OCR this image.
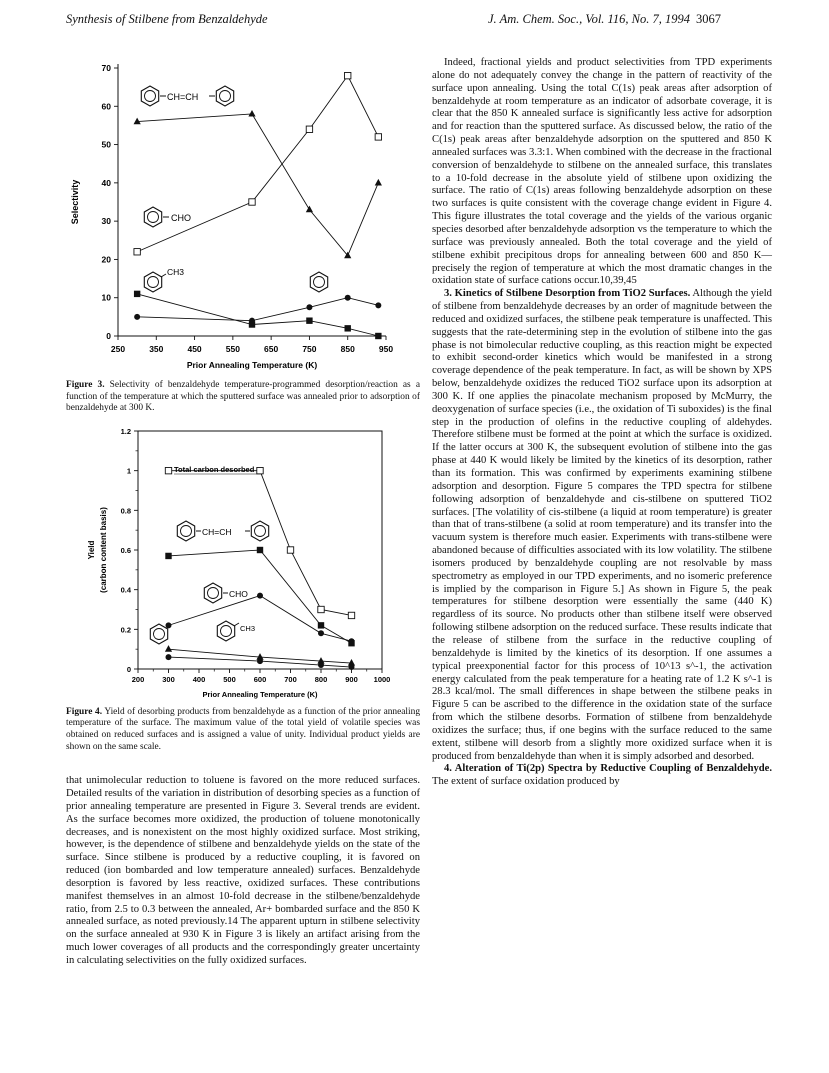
Synthesis of Stilbene from Benzaldehyde	J. Am. Chem. Soc., Vol. 116, No. 7, 1994 3067
250	350	450	550	650	750	850	950
0
10
20
30
40
50
60
70
Prior Annealing Temperature (K)
Selectivity
CH=CH
CHO
CH3

Figure 3. Selectivity of benzaldehyde temperature-programmed desorption/reaction as a function of the temperature at which the sputtered surface was annealed prior to adsorption of benzaldehyde at 300 K.

200 300 400 500 600 700 800 900 1000
0
0.2
0.4
0.6
0.8
1
1.2
Prior Annealing Temperature (K)
Yield (carbon content basis)
Total carbon desorbed
CH=CH
CHO
CH3

Figure 4. Yield of desorbing products from benzaldehyde as a function of the prior annealing temperature of the surface. The maximum value of the total yield of volatile species was obtained on reduced surfaces and is assigned a value of unity. Individual product yields are shown on the same scale.

that unimolecular reduction to toluene is favored on the more reduced surfaces. Detailed results of the variation in distribution of desorbing species as a function of prior annealing temperature are presented in Figure 3. Several trends are evident. As the surface becomes more oxidized, the production of toluene monotonically decreases, and is nonexistent on the most highly oxidized surface. Most striking, however, is the dependence of stilbene and benzaldehyde yields on the state of the surface. Since stilbene is produced by a reductive coupling, it is favored on reduced (ion bombarded and low temperature annealed) surfaces. Benzaldehyde desorption is favored by less reactive, oxidized surfaces. These contributions manifest themselves in an almost 10-fold decrease in the stilbene/benzaldehyde ratio, from 2.5 to 0.3 between the annealed, Ar+ bombarded surface and the 850 K annealed surface, as noted previously.14 The apparent upturn in stilbene selectivity on the surface annealed at 930 K in Figure 3 is likely an artifact arising from the much lower coverages of all products and the correspondingly greater uncertainty in calculating selectivities on the fully oxidized surfaces.

Indeed, fractional yields and product selectivities from TPD experiments alone do not adequately convey the change in the pattern of reactivity of the surface upon annealing. Using the total C(1s) peak areas after adsorption of benzaldehyde at room temperature as an indicator of adsorbate coverage, it is clear that the 850 K annealed surface is significantly less active for adsorption and for reaction than the sputtered surface. As discussed below, the ratio of the C(1s) peak areas after benzaldehyde adsorption on the sputtered and 850 K annealed surfaces was 3.3:1. When combined with the decrease in the fractional conversion of benzaldehyde to stilbene on the annealed surface, this translates to a 10-fold decrease in the absolute yield of stilbene upon oxidizing the surface. The ratio of C(1s) areas following benzaldehyde adsorption on these two surfaces is quite consistent with the coverage change evident in Figure 4. This figure illustrates the total coverage and the yields of the various organic species desorbed after benzaldehyde adsorption vs the temperature to which the surface was previously annealed. Both the total coverage and the yield of stilbene exhibit precipitous drops for annealing between 600 and 850 K—precisely the region of temperature at which the most dramatic changes in the oxidation state of surface cations occur.10,39,45

3. Kinetics of Stilbene Desorption from TiO2 Surfaces. Although the yield of stilbene from benzaldehyde decreases by an order of magnitude between the reduced and oxidized surfaces, the stilbene peak temperature is unaffected. This suggests that the rate-determining step in the evolution of stilbene into the gas phase is not bimolecular reductive coupling, as this reaction might be expected to exhibit second-order kinetics which would be manifested in a strong coverage dependence of the peak temperature. In fact, as will be shown by XPS below, benzaldehyde oxidizes the reduced TiO2 surface upon its adsorption at 300 K. If one applies the pinacolate mechanism proposed by McMurry, the deoxygenation of surface species (i.e., the oxidation of Ti suboxides) is the final step in the production of olefins in the reductive coupling of aldehydes. Therefore stilbene must be formed at the point at which the surface is oxidized. If the latter occurs at 300 K, the subsequent evolution of stilbene into the gas phase at 440 K would likely be limited by the kinetics of its desorption, rather than its formation. This was confirmed by experiments examining stilbene adsorption and desorption. Figure 5 compares the TPD spectra for stilbene following adsorption of benzaldehyde and cis-stilbene on sputtered TiO2 surfaces. [The volatility of cis-stilbene (a liquid at room temperature) is greater than that of trans-stilbene (a solid at room temperature) and its transfer into the vacuum system is therefore much easier. Experiments with trans-stilbene were abandoned because of difficulties associated with its low volatility. The stilbene isomers produced by benzaldehyde coupling are not resolvable by mass spectrometry as employed in our TPD experiments, and no isomeric preference is implied by the comparison in Figure 5.] As shown in Figure 5, the peak temperatures for stilbene desorption were essentially the same (440 K) regardless of its source. No products other than stilbene itself were observed following stilbene adsorption on the reduced surface. These results indicate that the release of stilbene from the surface in the reductive coupling of benzaldehyde is limited by the kinetics of its desorption. If one assumes a typical preexponential factor for this process of 10^13 s^-1, the activation energy calculated from the peak temperature for a heating rate of 1.2 K s^-1 is 28.3 kcal/mol. The small differences in shape between the stilbene peaks in Figure 5 can be ascribed to the difference in the oxidation state of the surface from which the stilbene desorbs. Formation of stilbene from benzaldehyde oxidizes the surface; thus, if one begins with the surface reduced to the same extent, stilbene will desorb from a slightly more oxidized surface when it is produced from benzaldehyde than when it is simply adsorbed and desorbed.

4. Alteration of Ti(2p) Spectra by Reductive Coupling of Benzaldehyde. The extent of surface oxidation produced by
